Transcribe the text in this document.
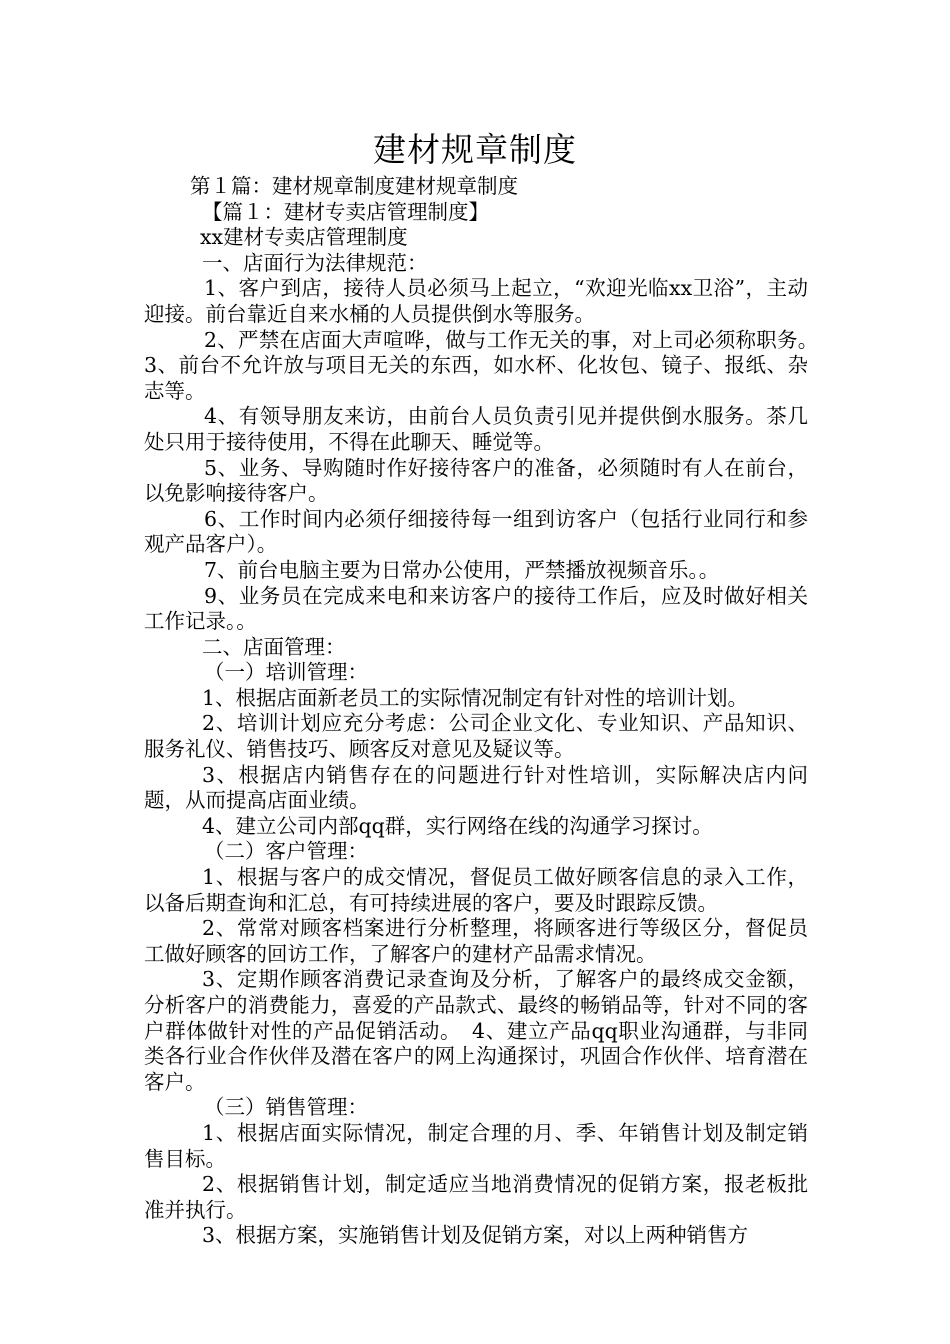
建材规章制度

第１篇：建材规章制度建材规章制度

【篇１：建材专卖店管理制度】

xx建材专卖店管理制度

一、店面行为法律规范：

1、客户到店，接待人员必须马上起立，“欢迎光临xx卫浴”，主动迎接。前台靠近自来水桶的人员提供倒水等服务。

2、严禁在店面大声喧哗，做与工作无关的事，对上司必须称职务。　3、前台不允许放与项目无关的东西，如水杯、化妆包、镜子、报纸、杂志等。

4、有领导朋友来访，由前台人员负责引见并提供倒水服务。茶几处只用于接待使用，不得在此聊天、睡觉等。

5、业务、导购随时作好接待客户的准备，必须随时有人在前台，以免影响接待客户。

6、工作时间内必须仔细接待每一组到访客户（包括行业同行和参观产品客户）。

7、前台电脑主要为日常办公使用，严禁播放视频音乐。。

9、业务员在完成来电和来访客户的接待工作后，应及时做好相关工作记录。。

二、店面管理：

（一）培训管理：

1、根据店面新老员工的实际情况制定有针对性的培训计划。

2、培训计划应充分考虑：公司企业文化、专业知识、产品知识、服务礼仪、销售技巧、顾客反对意见及疑议等。

3、根据店内销售存在的问题进行针对性培训，实际解决店内问题，从而提高店面业绩。

4、建立公司内部qq群，实行网络在线的沟通学习探讨。

（二）客户管理：

1、根据与客户的成交情况，督促员工做好顾客信息的录入工作，以备后期查询和汇总，有可持续进展的客户，要及时跟踪反馈。

2、常常对顾客档案进行分析整理，将顾客进行等级区分，督促员工做好顾客的回访工作，了解客户的建材产品需求情况。

3、定期作顾客消费记录查询及分析，了解客户的最终成交金额，分析客户的消费能力，喜爱的产品款式、最终的畅销品等，针对不同的客户群体做针对性的产品促销活动。　4、建立产品qq职业沟通群，与非同类各行业合作伙伴及潜在客户的网上沟通探讨，巩固合作伙伴、培育潜在客户。

（三）销售管理：

1、根据店面实际情况，制定合理的月、季、年销售计划及制定销售目标。

2、根据销售计划，制定适应当地消费情况的促销方案，报老板批准并执行。

3、根据方案，实施销售计划及促销方案，对以上两种销售方
